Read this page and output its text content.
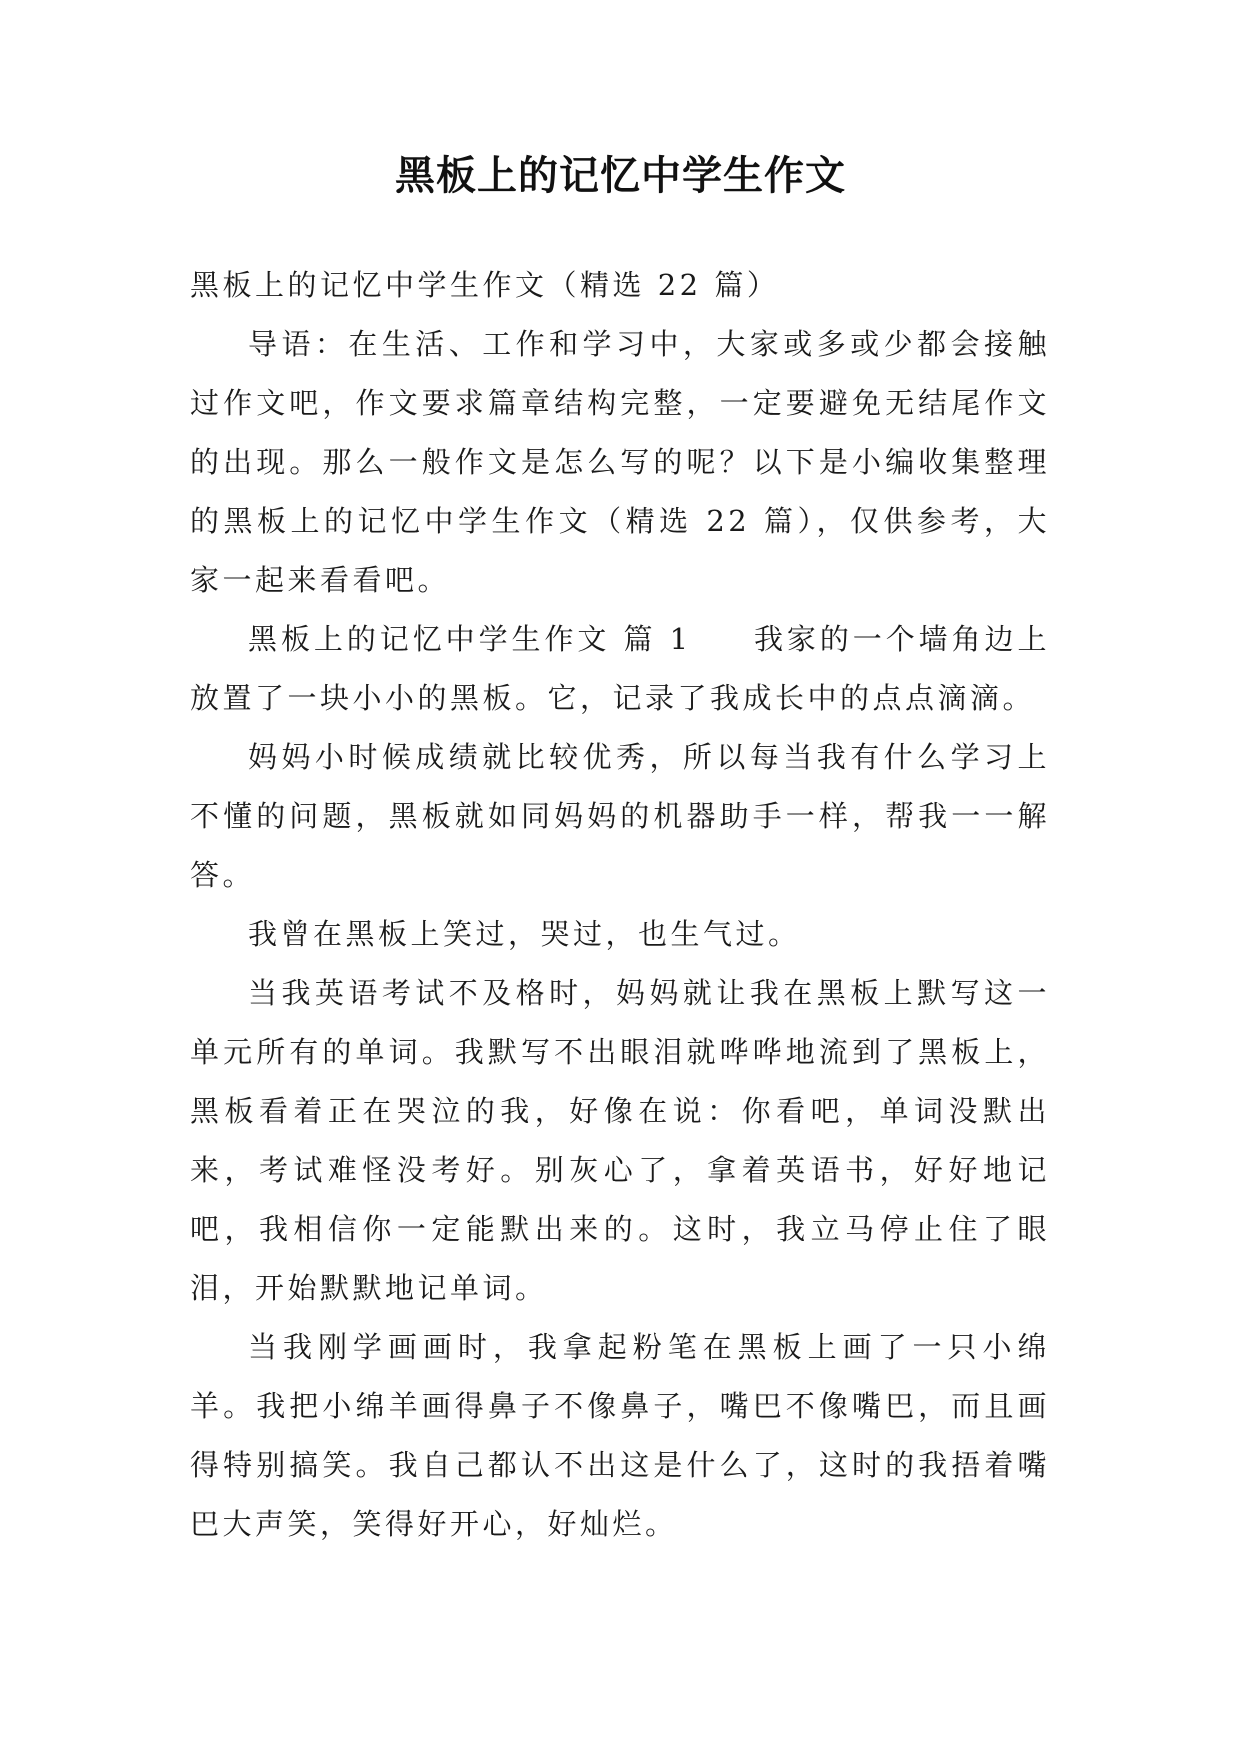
黑板上的记忆中学生作文

黑板上的记忆中学生作文（精选 22 篇）

导语：在生活、工作和学习中，大家或多或少都会接触过作文吧，作文要求篇章结构完整，一定要避免无结尾作文的出现。那么一般作文是怎么写的呢？以下是小编收集整理的黑板上的记忆中学生作文（精选 22 篇），仅供参考，大家一起来看看吧。

黑板上的记忆中学生作文 篇 1 我家的一个墙角边上放置了一块小小的黑板。它，记录了我成长中的点点滴滴。

妈妈小时候成绩就比较优秀，所以每当我有什么学习上不懂的问题，黑板就如同妈妈的机器助手一样，帮我一一解答。

我曾在黑板上笑过，哭过，也生气过。

当我英语考试不及格时，妈妈就让我在黑板上默写这一单元所有的单词。我默写不出眼泪就哗哗地流到了黑板上，黑板看着正在哭泣的我，好像在说：你看吧，单词没默出来，考试难怪没考好。别灰心了，拿着英语书，好好地记吧，我相信你一定能默出来的。这时，我立马停止住了眼泪，开始默默地记单词。

当我刚学画画时，我拿起粉笔在黑板上画了一只小绵羊。我把小绵羊画得鼻子不像鼻子，嘴巴不像嘴巴，而且画得特别搞笑。我自己都认不出这是什么了，这时的我捂着嘴巴大声笑，笑得好开心，好灿烂。
